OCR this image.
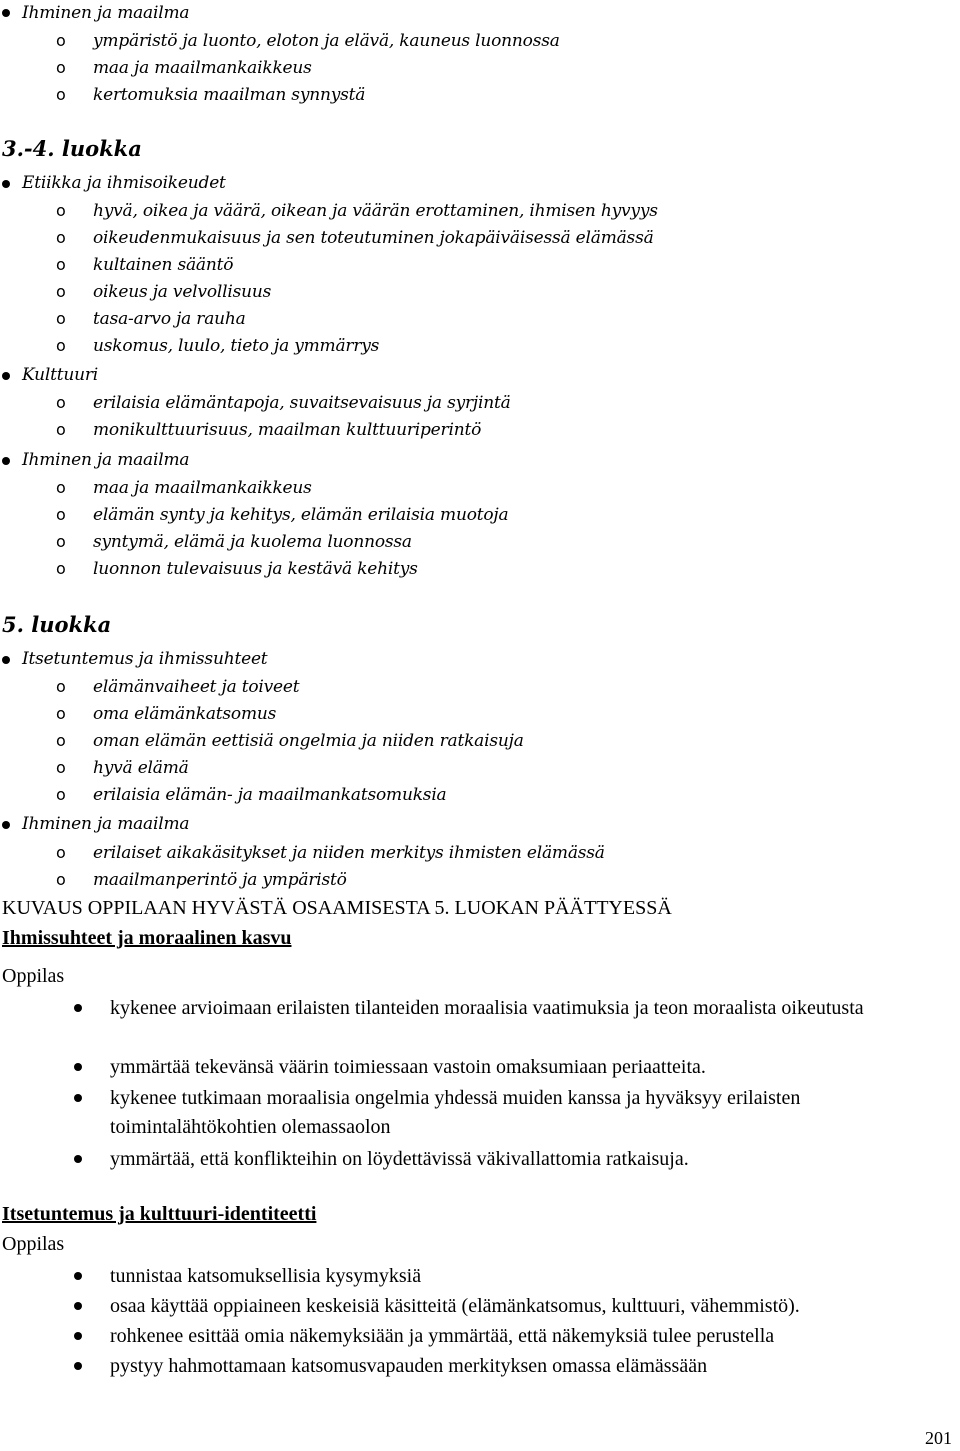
Ihminen ja maailma
o ympäristö ja luonto, eloton ja elävä, kauneus luonnossa
o maa ja maailmankaikkeus
o kertomuksia maailman synnystä
3.-4. luokka
Etiikka ja ihmisoikeudet
o hyvä, oikea ja väärä, oikean ja väärän erottaminen, ihmisen hyvyys
o oikeudenmukaisuus ja sen toteutuminen jokapäiväisessä elämässä
o kultainen sääntö
o oikeus ja velvollisuus
o tasa-arvo ja rauha
o uskomus, luulo, tieto ja ymmärrys
Kulttuuri
o erilaisia elämäntapoja, suvaitsevaisuus ja syrjintä
o monikulttuurisuus, maailman kulttuuriperintö
Ihminen ja maailma
o maa ja maailmankaikkeus
o elämän synty ja kehitys, elämän erilaisia muotoja
o syntymä, elämä ja kuolema luonnossa
o luonnon tulevaisuus ja kestävä kehitys
5. luokka
Itsetuntemus ja ihmissuhteet
o elämänvaiheet ja toiveet
o oma elämänkatsomus
o oman elämän eettisiä ongelmia ja niiden ratkaisuja
o hyvä elämä
o erilaisia elämän- ja maailmankatsomuksia
Ihminen ja maailma
o erilaiset aikakäsitykset ja niiden merkitys ihmisten elämässä
o maailmanperintö ja ympäristö
KUVAUS OPPILAAN HYVÄSTÄ OSAAMISESTA 5. LUOKAN PÄÄTTYESSÄ
Ihmissuhteet ja moraalinen kasvu
Oppilas
kykenee arvioimaan erilaisten tilanteiden moraalisia vaatimuksia ja teon moraalista oikeutusta
ymmärtää tekevänsä väärin toimiessaan vastoin omaksumiaan periaatteita.
kykenee tutkimaan moraalisia ongelmia yhdessä muiden kanssa ja hyväksyy erilaisten toimintalähtökohtien olemassaolon
ymmärtää, että konflikteihin on löydettävissä väkivallattomia ratkaisuja.
Itsetuntemus ja kulttuuri-identiteetti
Oppilas
tunnistaa katsomuksellisia kysymyksiä
osaa käyttää oppiaineen keskeisiä käsitteitä (elämänkatsomus, kulttuuri, vähemmistö).
rohkenee esittää omia näkemyksiään ja ymmärtää, että näkemyksiä tulee perustella
pystyy hahmottamaan katsomusvapauden merkityksen omassa elämässään
201
